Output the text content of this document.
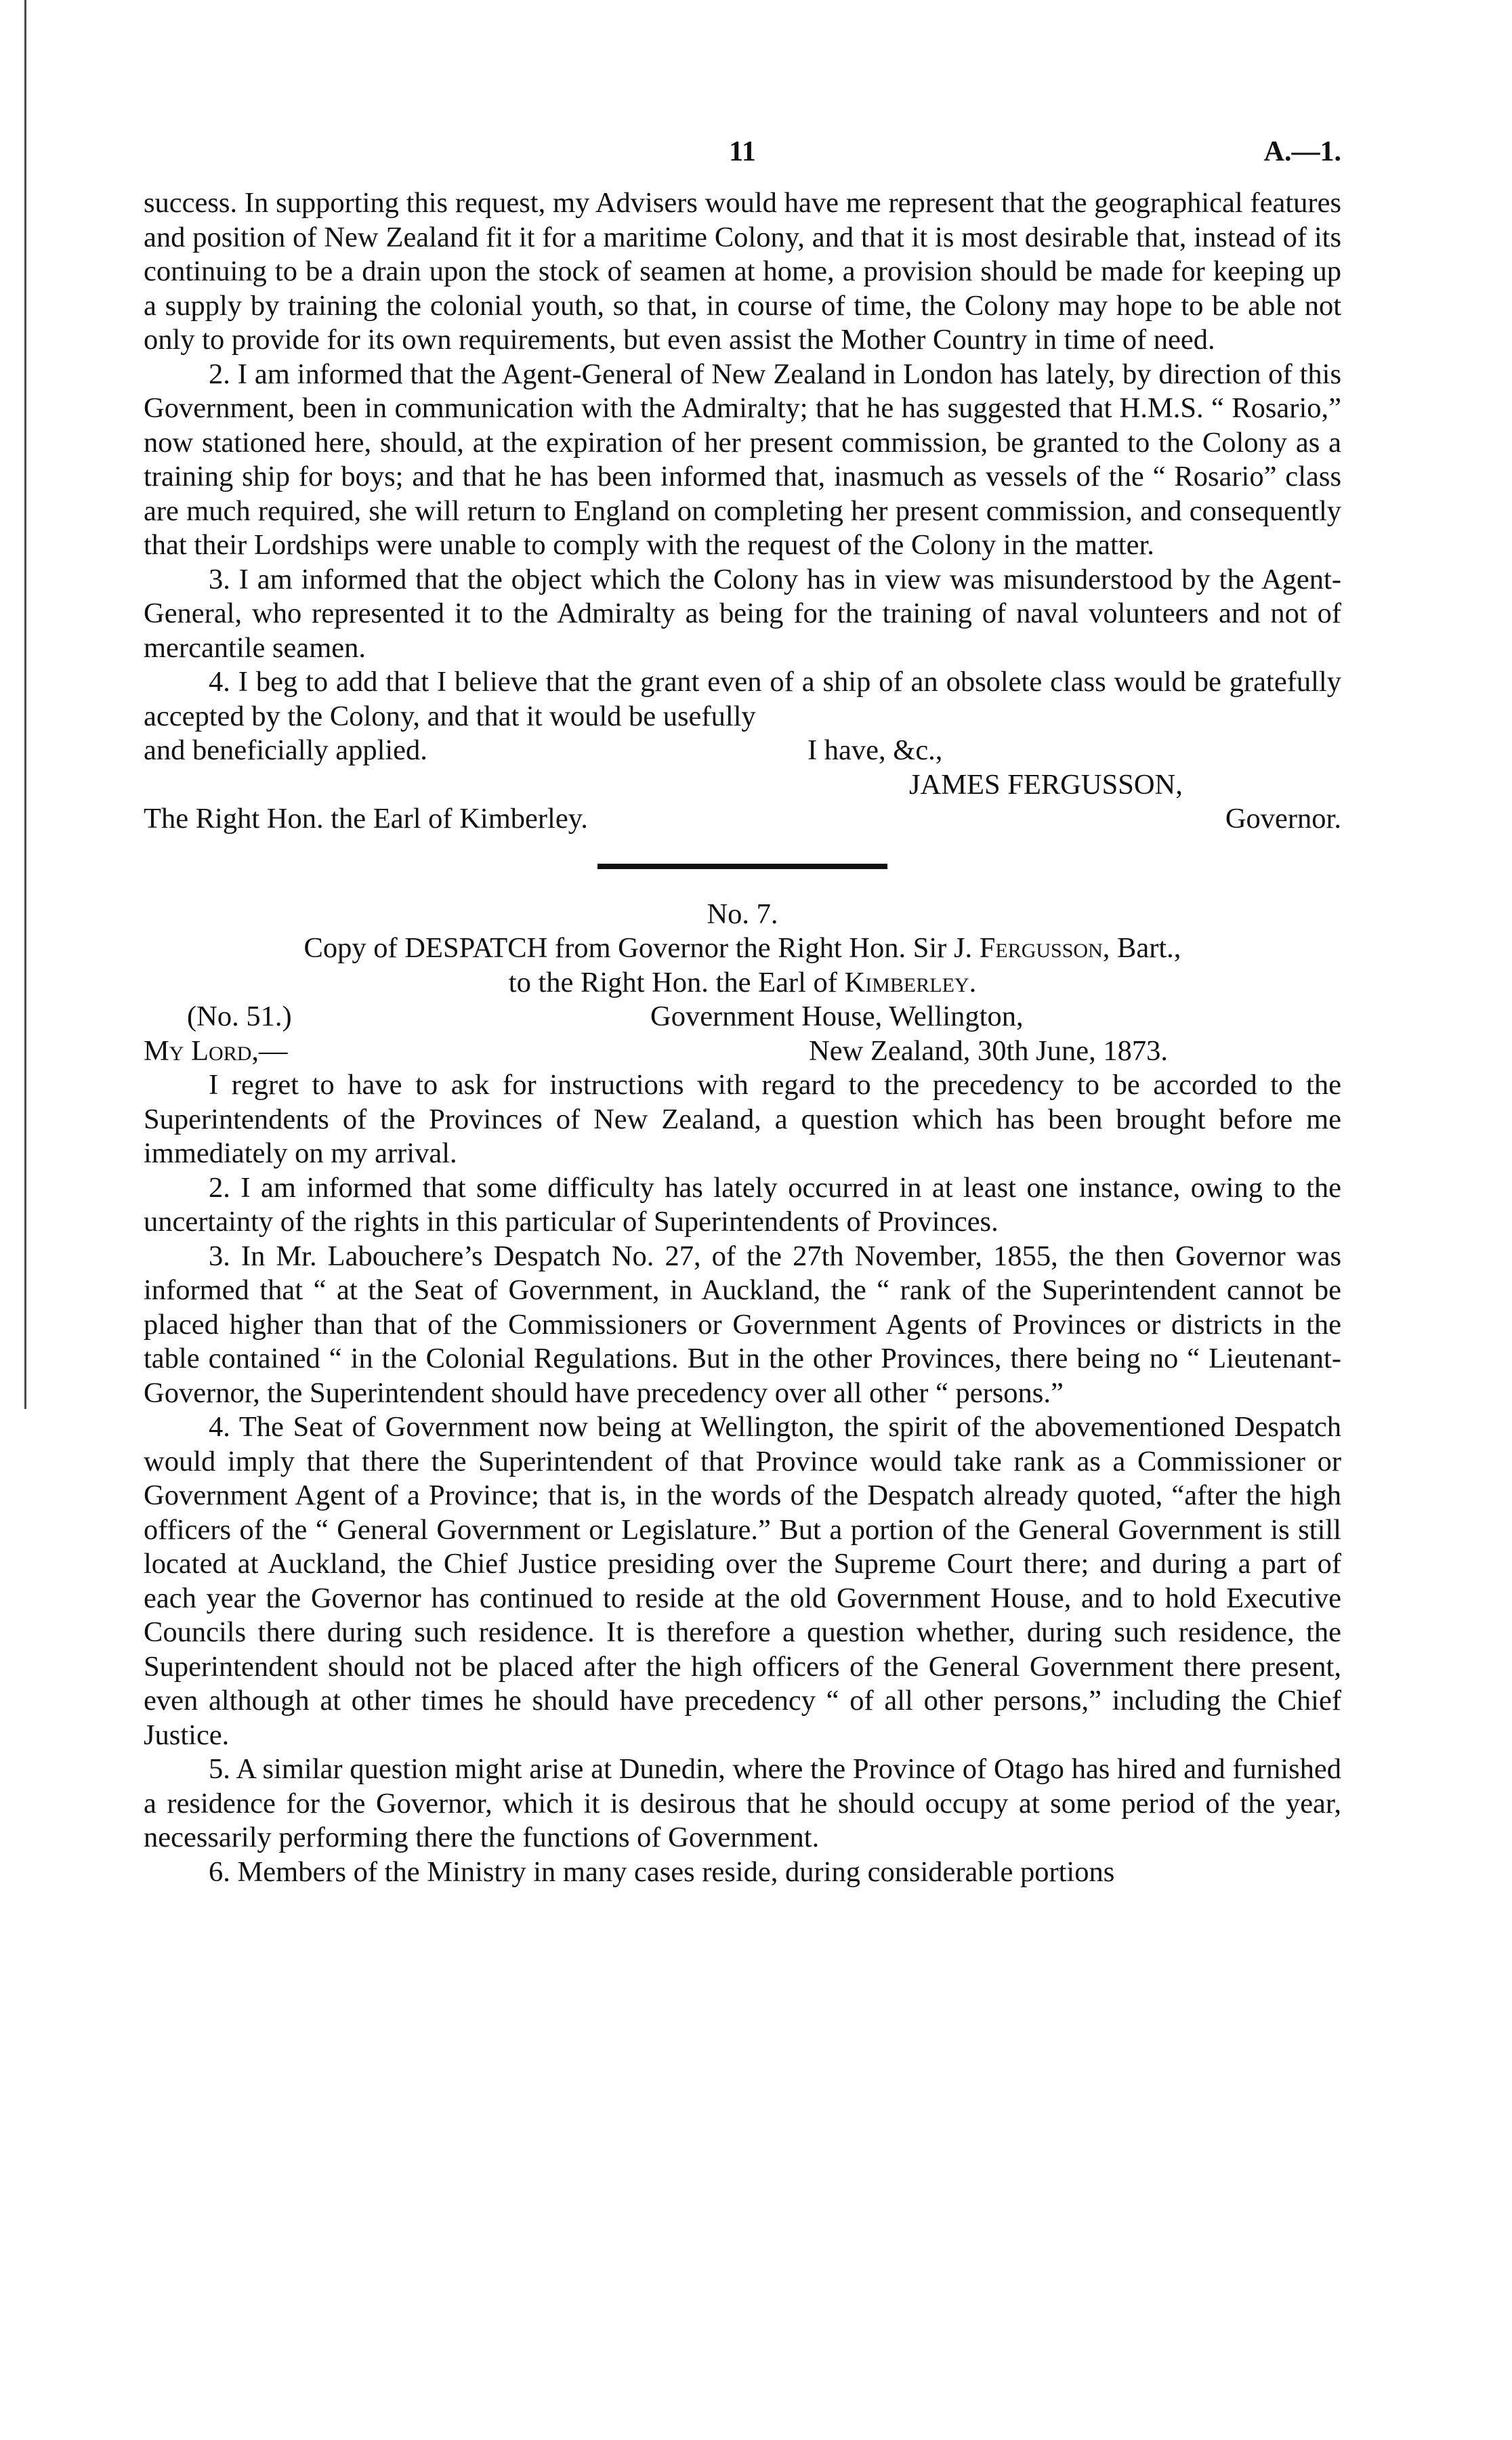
11	A.—1.

success. In supporting this request, my Advisers would have me represent that the geographical features and position of New Zealand fit it for a maritime Colony, and that it is most desirable that, instead of its continuing to be a drain upon the stock of seamen at home, a provision should be made for keeping up a supply by training the colonial youth, so that, in course of time, the Colony may hope to be able not only to provide for its own requirements, but even assist the Mother Country in time of need.

2. I am informed that the Agent-General of New Zealand in London has lately, by direction of this Government, been in communication with the Admiralty; that he has suggested that H.M.S. “ Rosario,” now stationed here, should, at the expiration of her present commission, be granted to the Colony as a training ship for boys; and that he has been informed that, inasmuch as vessels of the “ Rosario” class are much required, she will return to England on completing her present commission, and consequently that their Lordships were unable to comply with the request of the Colony in the matter.

3. I am informed that the object which the Colony has in view was misunderstood by the Agent-General, who represented it to the Admiralty as being for the training of naval volunteers and not of mercantile seamen.

4. I beg to add that I believe that the grant even of a ship of an obsolete class would be gratefully accepted by the Colony, and that it would be usefully

and beneficially applied.	I have, &c.,
JAMES FERGUSSON,
The Right Hon. the Earl of Kimberley.	Governor.
No. 7.
Copy of DESPATCH from Governor the Right Hon. Sir J. Fergusson, Bart.,
to the Right Hon. the Earl of Kimberley.
(No. 51.)	Government House, Wellington,
My Lord,—	New Zealand, 30th June, 1873.

I regret to have to ask for instructions with regard to the precedency to be accorded to the Superintendents of the Provinces of New Zealand, a question which has been brought before me immediately on my arrival.

2. I am informed that some difficulty has lately occurred in at least one instance, owing to the uncertainty of the rights in this particular of Superintendents of Provinces.

3. In Mr. Labouchere’s Despatch No. 27, of the 27th November, 1855, the then Governor was informed that “ at the Seat of Government, in Auckland, the “ rank of the Superintendent cannot be placed higher than that of the Commissioners or Government Agents of Provinces or districts in the table contained “ in the Colonial Regulations. But in the other Provinces, there being no “ Lieutenant-Governor, the Superintendent should have precedency over all other “ persons.”

4. The Seat of Government now being at Wellington, the spirit of the abovementioned Despatch would imply that there the Superintendent of that Province would take rank as a Commissioner or Government Agent of a Province; that is, in the words of the Despatch already quoted, “after the high officers of the “ General Government or Legislature.” But a portion of the General Government is still located at Auckland, the Chief Justice presiding over the Supreme Court there; and during a part of each year the Governor has continued to reside at the old Government House, and to hold Executive Councils there during such residence. It is therefore a question whether, during such residence, the Superintendent should not be placed after the high officers of the General Government there present, even although at other times he should have precedency “ of all other persons,” including the Chief Justice.

5. A similar question might arise at Dunedin, where the Province of Otago has hired and furnished a residence for the Governor, which it is desirous that he should occupy at some period of the year, necessarily performing there the functions of Government.

6. Members of the Ministry in many cases reside, during considerable portions
